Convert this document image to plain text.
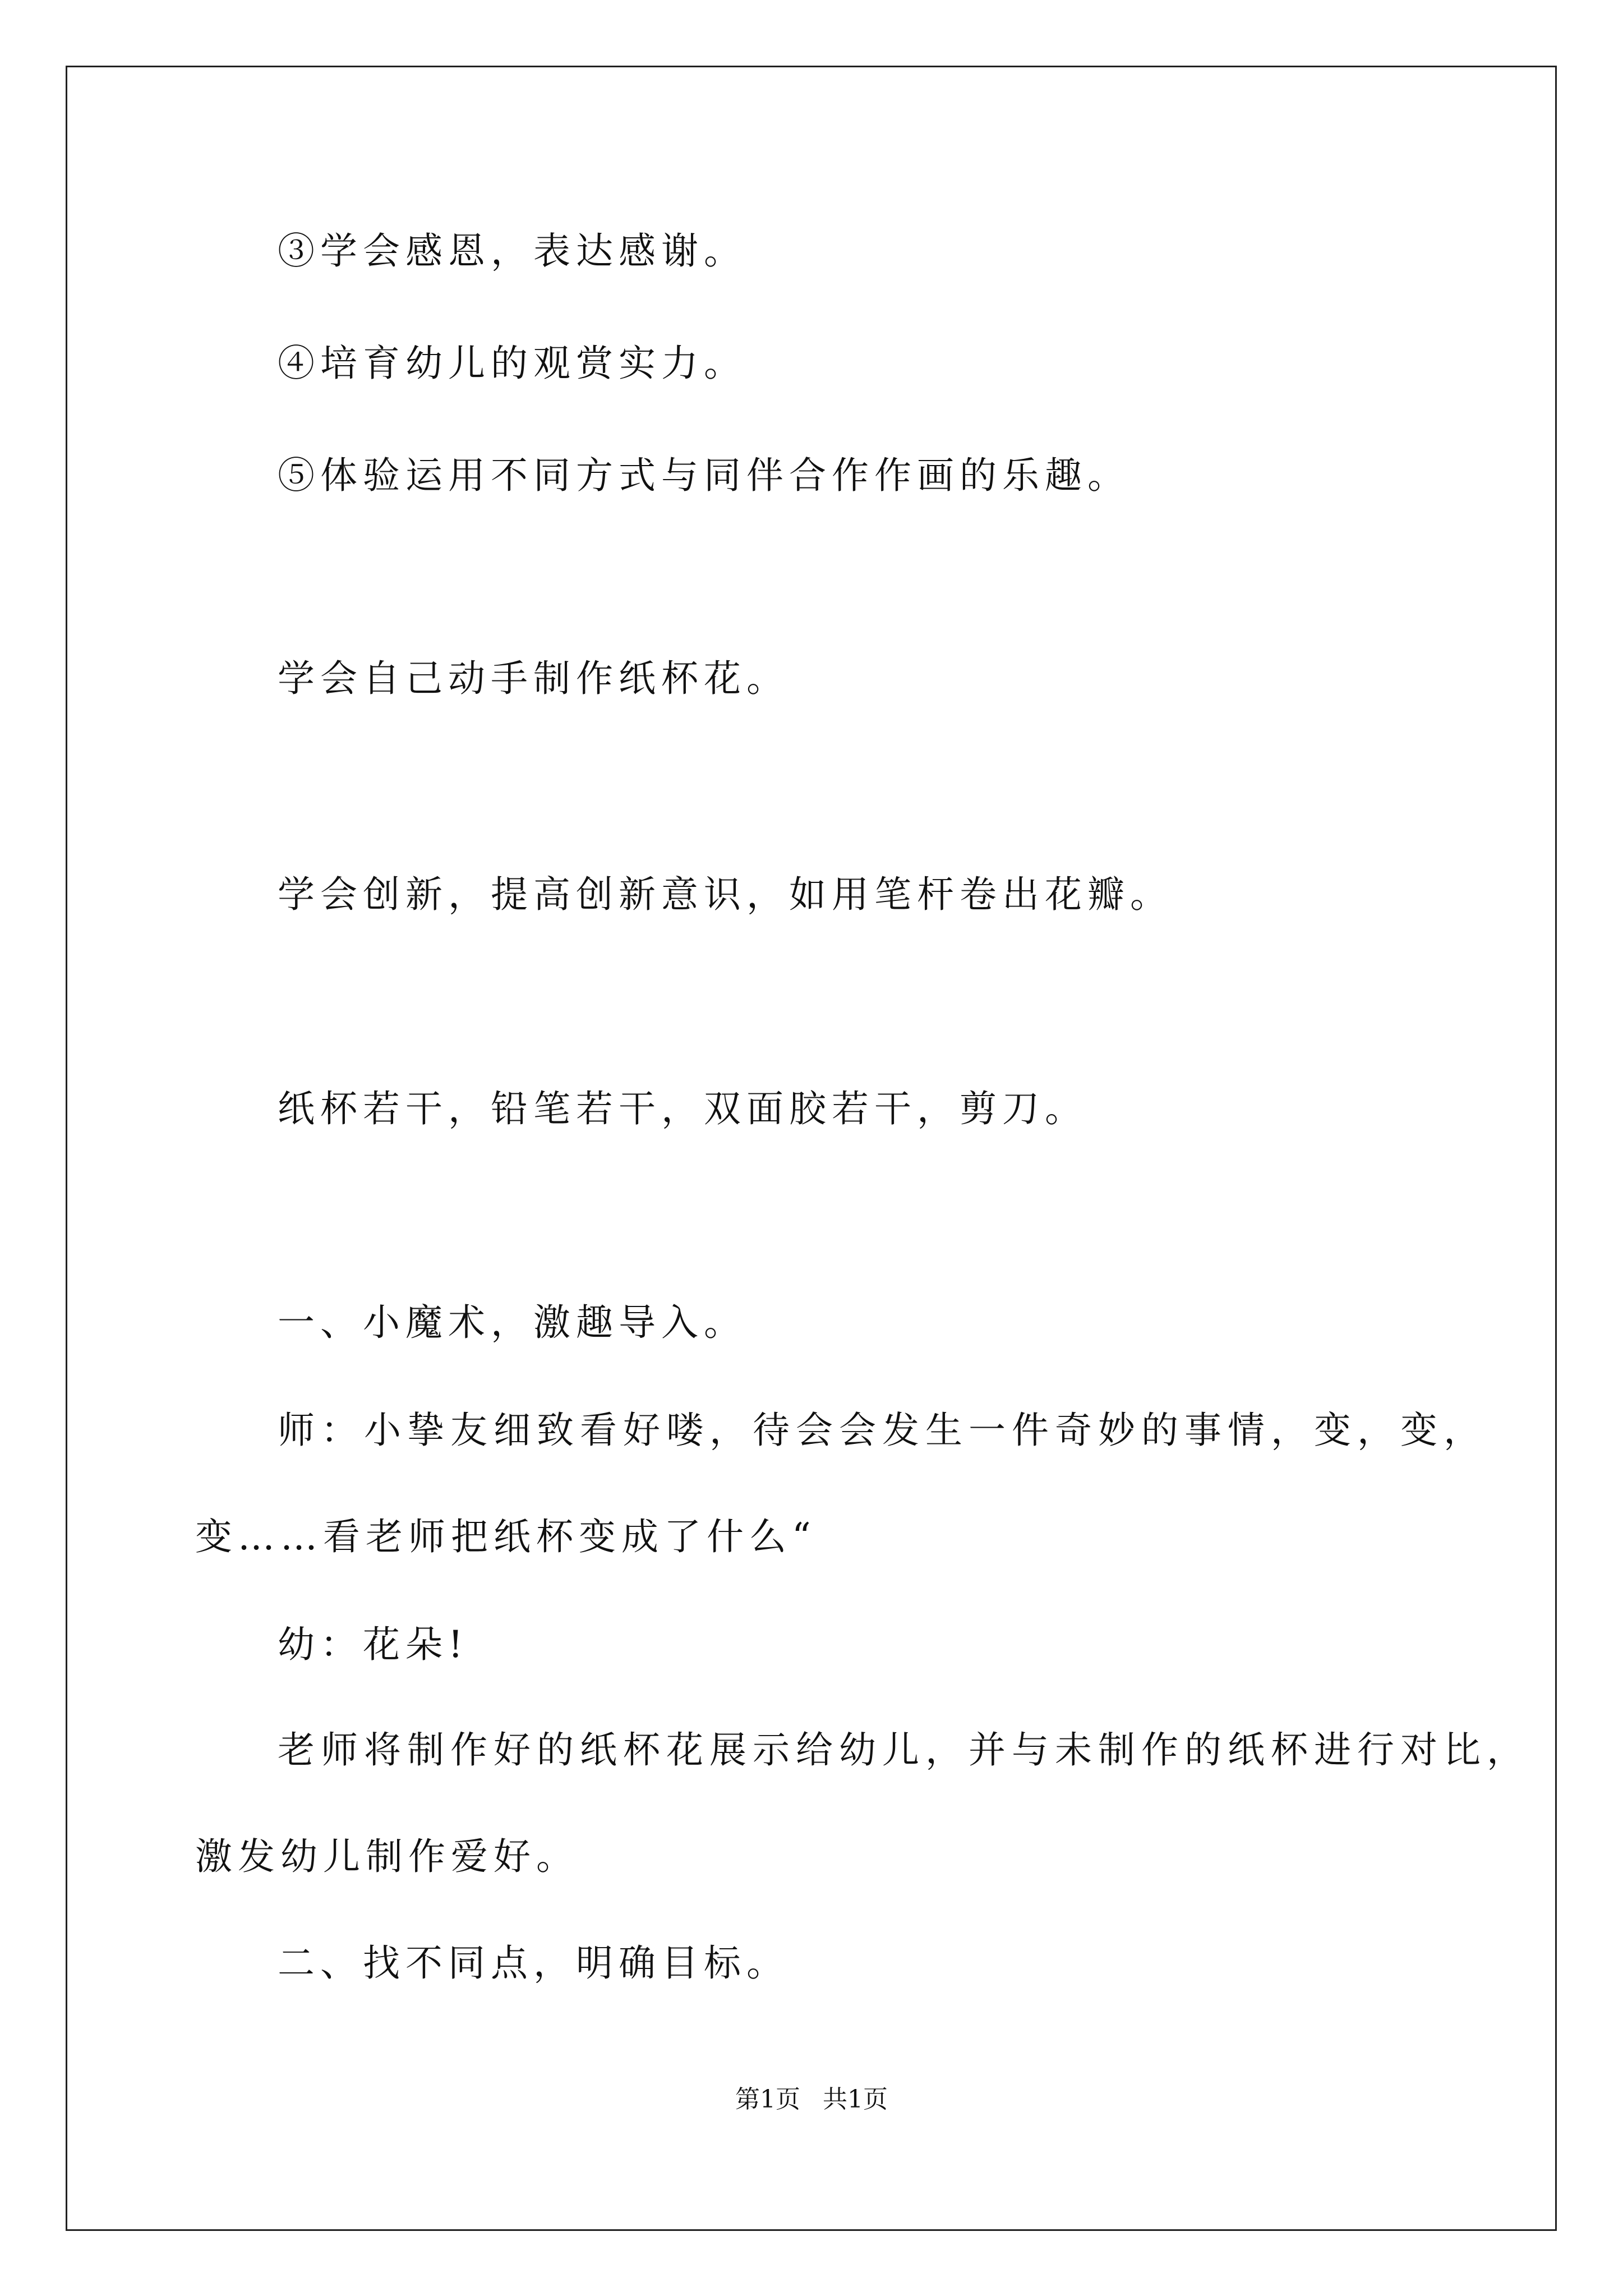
③学会感恩，表达感谢。

④培育幼儿的观赏实力。

⑤体验运用不同方式与同伴合作作画的乐趣。

学会自己动手制作纸杯花。

学会创新，提高创新意识，如用笔杆卷出花瓣。

纸杯若干，铅笔若干，双面胶若干，剪刀。

一、小魔术，激趣导入。

师：小挚友细致看好喽，待会会发生一件奇妙的事情，变，变，

变……看老师把纸杯变成了什么“

幼：花朵!

老师将制作好的纸杯花展示给幼儿，并与未制作的纸杯进行对比，

激发幼儿制作爱好。

二、找不同点，明确目标。

第1页 共1页
